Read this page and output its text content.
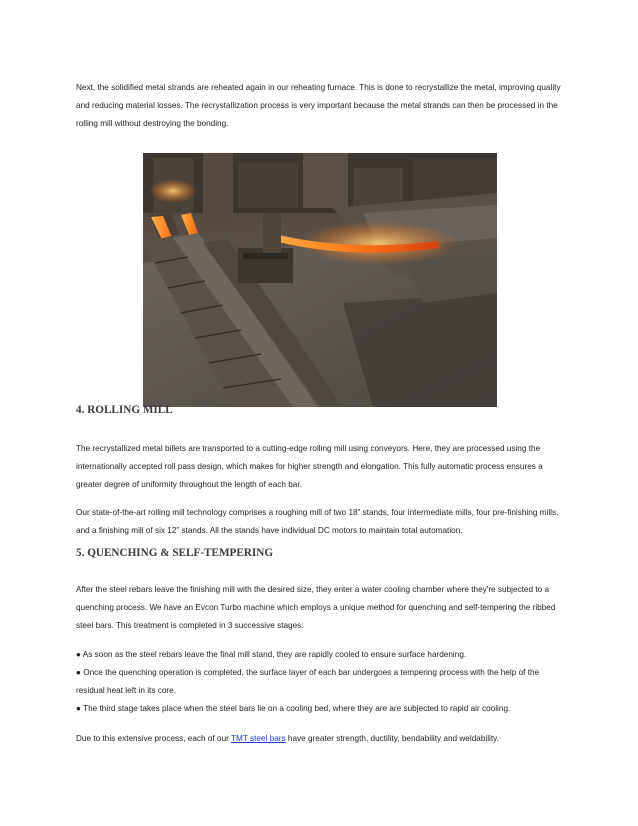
Next, the solidified metal strands are reheated again in our reheating furnace. This is done to recrystallize the metal, improving quality and reducing material losses. The recrystallization process is very important because the metal strands can then be processed in the rolling mill without destroying the bonding.

4. ROLLING MILL

The recrystallized metal billets are transported to a cutting-edge rolling mill using conveyors. Here, they are processed using the internationally accepted roll pass design, which makes for higher strength and elongation. This fully automatic process ensures a greater degree of uniformity throughout the length of each bar.

Our state-of-the-art rolling mill technology comprises a roughing mill of two 18” stands, four intermediate mills, four pre-finishing mills, and a finishing mill of six 12” stands. All the stands have individual DC motors to maintain total automation.

5. QUENCHING & SELF-TEMPERING

After the steel rebars leave the finishing mill with the desired size, they enter a water cooling chamber where they're subjected to a quenching process. We have an Evcon Turbo machine which employs a unique method for quenching and self-tempering the ribbed steel bars. This treatment is completed in 3 successive stages:

● As soon as the steel rebars leave the final mill stand, they are rapidly cooled to ensure surface hardening.
● Once the quenching operation is completed, the surface layer of each bar undergoes a tempering process with the help of the residual heat left in its core.
● The third stage takes place when the steel bars lie on a cooling bed, where they are are subjected to rapid air cooling.

Due to this extensive process, each of our TMT steel bars have greater strength, ductility, bendability and weldability.
